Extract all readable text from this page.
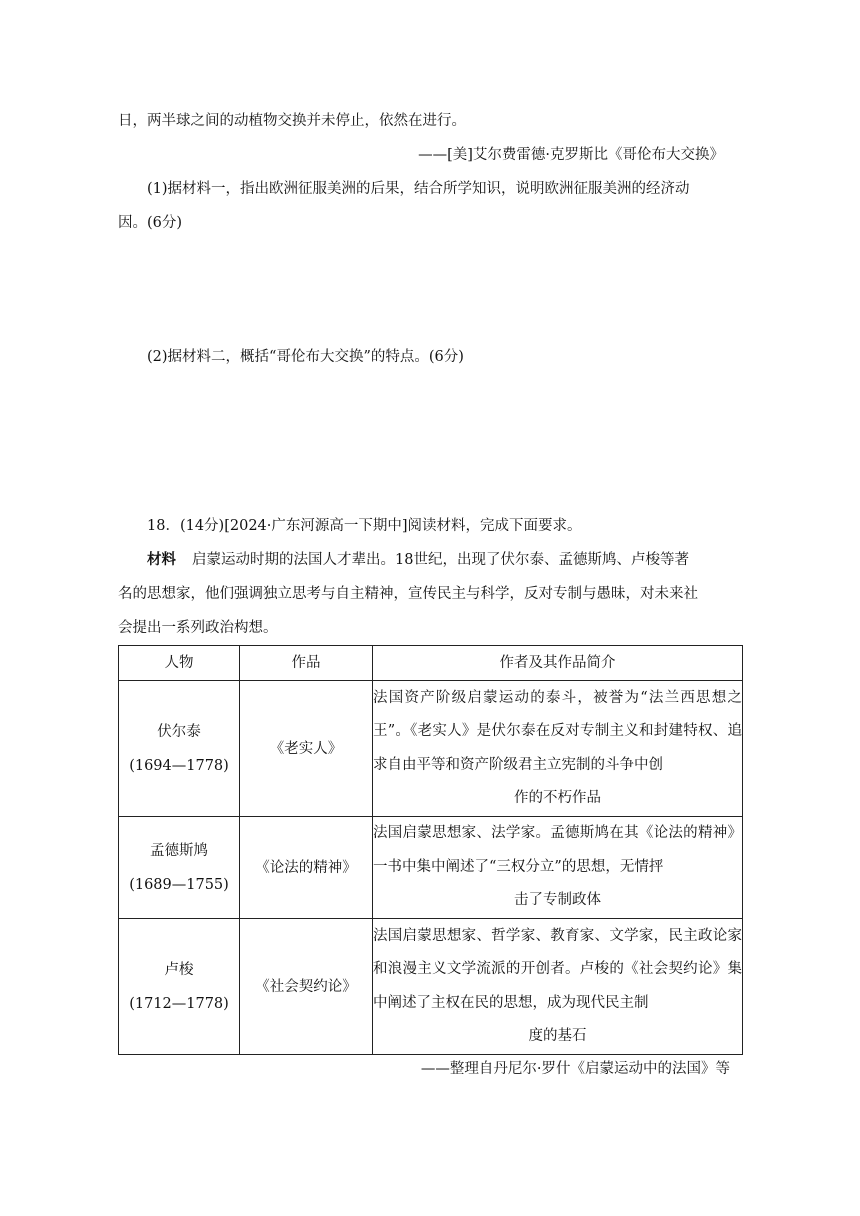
日，两半球之间的动植物交换并未停止，依然在进行。
——[美]艾尔费雷德·克罗斯比《哥伦布大交换》
(1)据材料一，指出欧洲征服美洲的后果，结合所学知识，说明欧洲征服美洲的经济动
因。(6分)
(2)据材料二，概括“哥伦布大交换”的特点。(6分)
18．(14分)[2024·广东河源高一下期中]阅读材料，完成下面要求。
材料 启蒙运动时期的法国人才辈出。18世纪，出现了伏尔泰、孟德斯鸠、卢梭等著
名的思想家，他们强调独立思考与自主精神，宣传民主与科学，反对专制与愚昧，对未来社
会提出一系列政治构想。
人物	作品	作者及其作品简介

伏尔泰
(1694—1778)	《老实人》	法国资产阶级启蒙运动的泰斗，被誉为“法兰西思想之王”。《老实人》是伏尔泰在反对专制主义和封建特权、追求自由平等和资产阶级君主立宪制的斗争中创
作的不朽作品

孟德斯鸠
(1689—1755)	《论法的精神》	法国启蒙思想家、法学家。孟德斯鸠在其《论法的精神》一书中集中阐述了“三权分立”的思想，无情抨
击了专制政体

卢梭
(1712—1778)	《社会契约论》	法国启蒙思想家、哲学家、教育家、文学家，民主政论家和浪漫主义文学流派的开创者。卢梭的《社会契约论》集中阐述了主权在民的思想，成为现代民主制
度的基石
——整理自丹尼尔·罗什《启蒙运动中的法国》等
